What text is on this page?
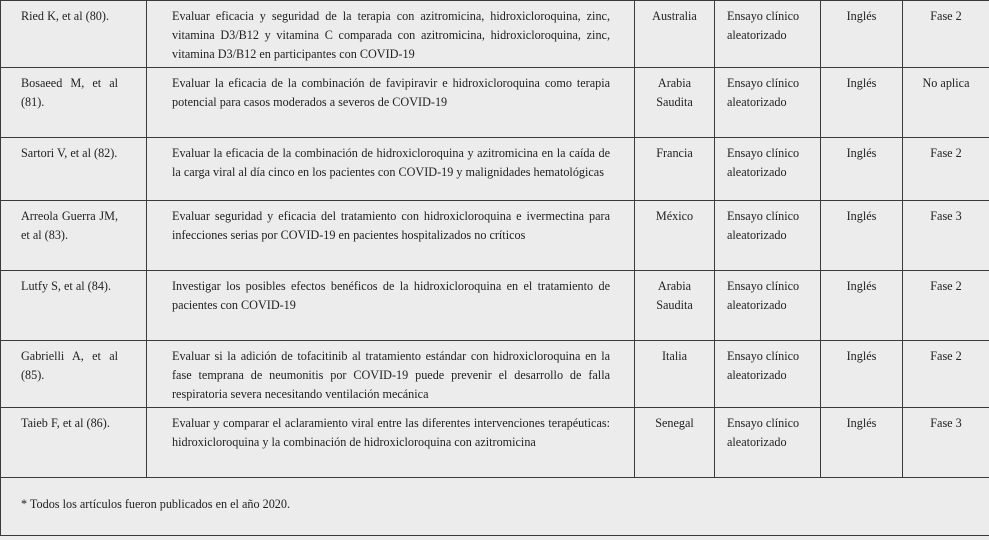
Ried K, et al (80).	Evaluar eficacia y seguridad de la terapia con azitromicina, hidroxicloroquina, zinc, vitamina D3/B12 y vitamina C comparada con azitromicina, hidroxicloroquina, zinc, vitamina D3/B12 en participantes con COVID-19	Australia	Ensayo clínico aleatorizado	Inglés	Fase 2
Bosaeed M, et al (81).	Evaluar la eficacia de la combinación de favipiravir e hidroxicloroquina como terapia potencial para casos moderados a severos de COVID-19	Arabia Saudita	Ensayo clínico aleatorizado	Inglés	No aplica
Sartori V, et al (82).	Evaluar la eficacia de la combinación de hidroxicloroquina y azitromicina en la caída de la carga viral al día cinco en los pacientes con COVID-19 y malignidades hematológicas	Francia	Ensayo clínico aleatorizado	Inglés	Fase 2
Arreola Guerra JM, et al (83).	Evaluar seguridad y eficacia del tratamiento con hidroxicloroquina e ivermectina para infecciones serias por COVID-19 en pacientes hospitalizados no críticos	México	Ensayo clínico aleatorizado	Inglés	Fase 3
Lutfy S, et al (84).	Investigar los posibles efectos benéficos de la hidroxicloroquina en el tratamiento de pacientes con COVID-19	Arabia Saudita	Ensayo clínico aleatorizado	Inglés	Fase 2
Gabrielli A, et al (85).	Evaluar si la adición de tofacitinib al tratamiento estándar con hidroxicloroquina en la fase temprana de neumonitis por COVID-19 puede prevenir el desarrollo de falla respiratoria severa necesitando ventilación mecánica	Italia	Ensayo clínico aleatorizado	Inglés	Fase 2
Taieb F, et al (86).	Evaluar y comparar el aclaramiento viral entre las diferentes intervenciones terapéuticas: hidroxicloroquina y la combinación de hidroxicloroquina con azitromicina	Senegal	Ensayo clínico aleatorizado	Inglés	Fase 3
* Todos los artículos fueron publicados en el año 2020.					
